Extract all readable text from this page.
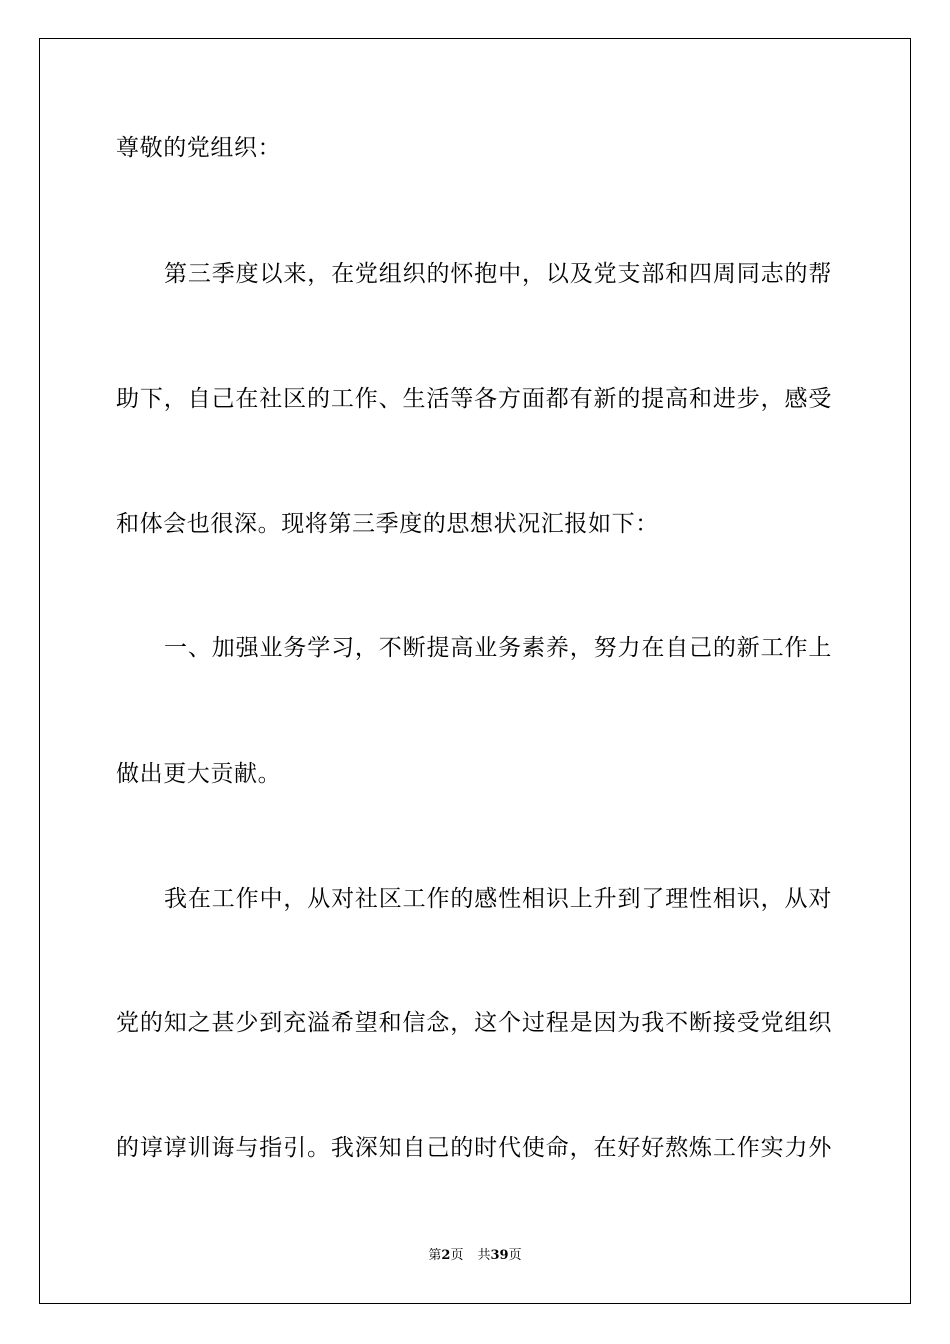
尊敬的党组织：
第三季度以来，在党组织的怀抱中，以及党支部和四周同志的帮
助下，自己在社区的工作、生活等各方面都有新的提高和进步，感受
和体会也很深。现将第三季度的思想状况汇报如下：
一、加强业务学习，不断提高业务素养，努力在自己的新工作上
做出更大贡献。
我在工作中，从对社区工作的感性相识上升到了理性相识，从对
党的知之甚少到充溢希望和信念，这个过程是因为我不断接受党组织
的谆谆训诲与指引。我深知自己的时代使命，在好好熬炼工作实力外
第2页 共39页
